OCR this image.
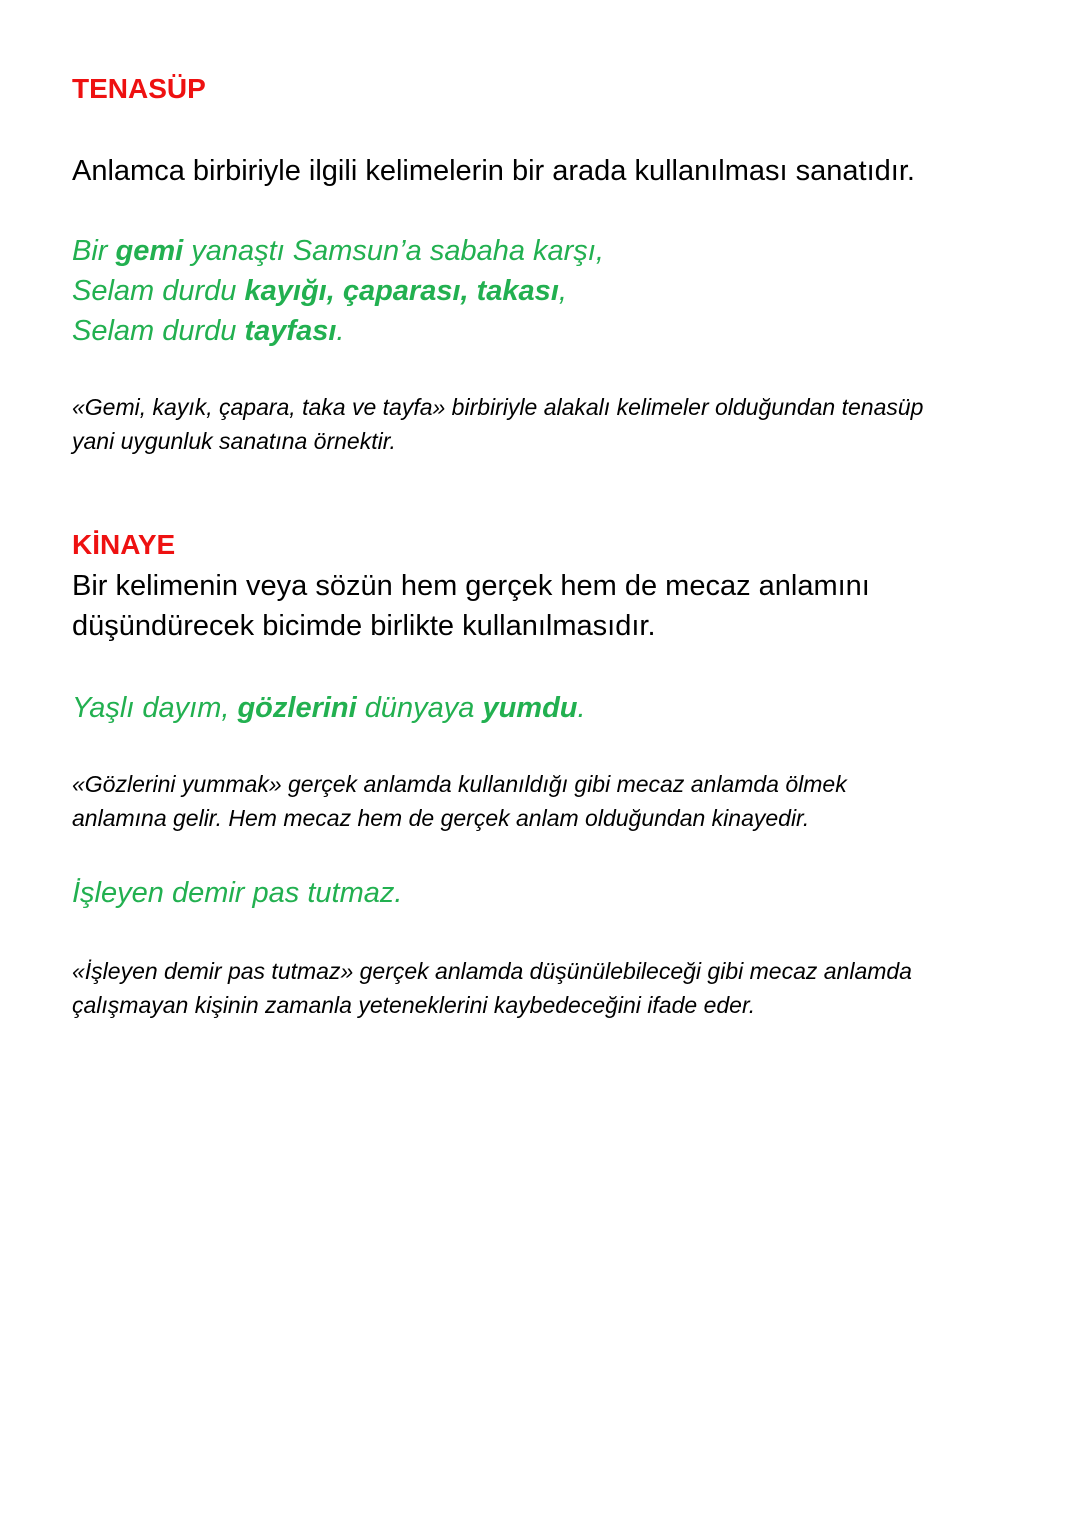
TENASÜP
Anlamca birbiriyle ilgili kelimelerin bir arada kullanılması sanatıdır.
Bir gemi yanaştı Samsun’a sabaha karşı,
Selam durdu kayığı, çaparası, takası,
Selam durdu tayfası.
«Gemi, kayık, çapara, taka ve tayfa» birbiriyle alakalı kelimeler olduğundan tenasüp
yani uygunluk sanatına örnektir.
KİNAYE
Bir kelimenin veya sözün hem gerçek hem de mecaz anlamını
düşündürecek bicimde birlikte kullanılmasıdır.
Yaşlı dayım, gözlerini dünyaya yumdu.
«Gözlerini yummak» gerçek anlamda kullanıldığı gibi mecaz anlamda ölmek
anlamına gelir. Hem mecaz hem de gerçek anlam olduğundan kinayedir.
İşleyen demir pas tutmaz.
«İşleyen demir pas tutmaz» gerçek anlamda düşünülebileceği gibi mecaz anlamda
çalışmayan kişinin zamanla yeteneklerini kaybedeceğini ifade eder.
